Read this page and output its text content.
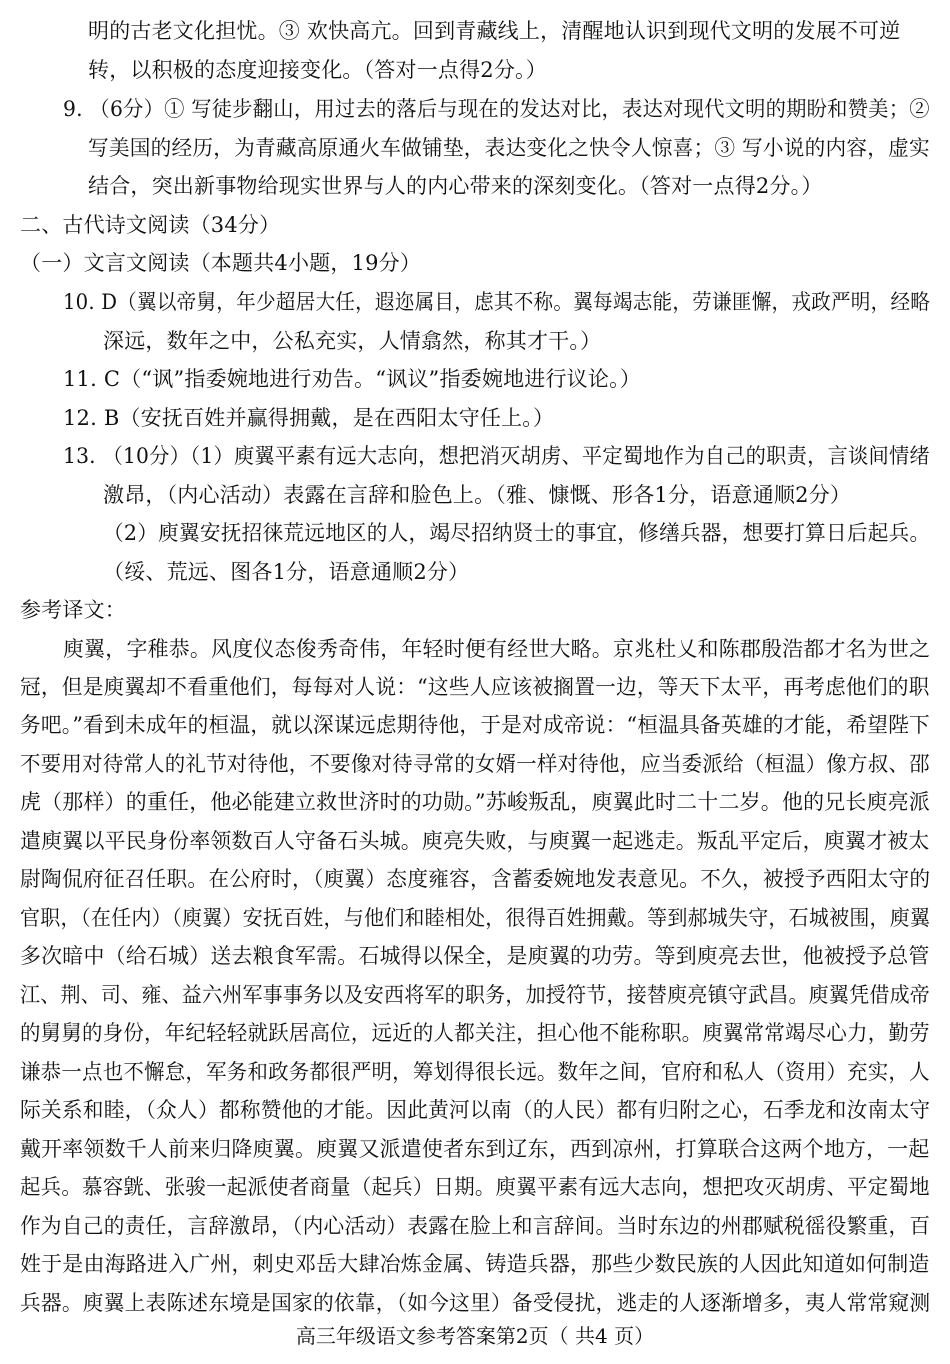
明的古老文化担忧。③ 欢快高亢。回到青藏线上，清醒地认识到现代文明的发展不可逆
转，以积极的态度迎接变化。（答对一点得2分。）
9. （6分）① 写徒步翻山，用过去的落后与现在的发达对比，表达对现代文明的期盼和赞美；②
写美国的经历，为青藏高原通火车做铺垫，表达变化之快令人惊喜；③ 写小说的内容，虚实
结合，突出新事物给现实世界与人的内心带来的深刻变化。（答对一点得2分。）
二、古代诗文阅读（34分）
（一）文言文阅读（本题共4小题，19分）
10. D（翼以帝舅，年少超居大任，遐迩属目，虑其不称。翼每竭志能，劳谦匪懈，戎政严明，经略
深远，数年之中，公私充实，人情翕然，称其才干。）
11. C（“讽”指委婉地进行劝告。“讽议”指委婉地进行议论。）
12. B（安抚百姓并赢得拥戴，是在西阳太守任上。）
13. （10分）（1）庾翼平素有远大志向，想把消灭胡虏、平定蜀地作为自己的职责，言谈间情绪
激昂，（内心活动）表露在言辞和脸色上。（雅、慷慨、形各1分，语意通顺2分）
（2）庾翼安抚招徕荒远地区的人，竭尽招纳贤士的事宜，修缮兵器，想要打算日后起兵。
（绥、荒远、图各1分，语意通顺2分）
参考译文：
庾翼，字稚恭。风度仪态俊秀奇伟，年轻时便有经世大略。京兆杜乂和陈郡殷浩都才名为世之
冠，但是庾翼却不看重他们，每每对人说：“这些人应该被搁置一边，等天下太平，再考虑他们的职
务吧。”看到未成年的桓温，就以深谋远虑期待他，于是对成帝说：“桓温具备英雄的才能，希望陛下
不要用对待常人的礼节对待他，不要像对待寻常的女婿一样对待他，应当委派给（桓温）像方叔、邵
虎（那样）的重任，他必能建立救世济时的功勋。”苏峻叛乱，庾翼此时二十二岁。他的兄长庾亮派
遣庾翼以平民身份率领数百人守备石头城。庾亮失败，与庾翼一起逃走。叛乱平定后，庾翼才被太
尉陶侃府征召任职。在公府时，（庾翼）态度雍容，含蓄委婉地发表意见。不久，被授予西阳太守的
官职，（在任内）（庾翼）安抚百姓，与他们和睦相处，很得百姓拥戴。等到郝城失守，石城被围，庾翼
多次暗中（给石城）送去粮食军需。石城得以保全，是庾翼的功劳。等到庾亮去世，他被授予总管
江、荆、司、雍、益六州军事事务以及安西将军的职务，加授符节，接替庾亮镇守武昌。庾翼凭借成帝
的舅舅的身份，年纪轻轻就跃居高位，远近的人都关注，担心他不能称职。庾翼常常竭尽心力，勤劳
谦恭一点也不懈怠，军务和政务都很严明，筹划得很长远。数年之间，官府和私人（资用）充实，人
际关系和睦，（众人）都称赞他的才能。因此黄河以南（的人民）都有归附之心，石季龙和汝南太守
戴开率领数千人前来归降庾翼。庾翼又派遣使者东到辽东，西到凉州，打算联合这两个地方，一起
起兵。慕容皝、张骏一起派使者商量（起兵）日期。庾翼平素有远大志向，想把攻灭胡虏、平定蜀地
作为自己的责任，言辞激昂，（内心活动）表露在脸上和言辞间。当时东边的州郡赋税徭役繁重，百
姓于是由海路进入广州，刺史邓岳大肆冶炼金属、铸造兵器，那些少数民族的人因此知道如何制造
兵器。庾翼上表陈述东境是国家的依靠，（如今这里）备受侵扰，逃走的人逐渐增多，夷人常常窥测
高三年级语文参考答案第2页（ 共4 页）
